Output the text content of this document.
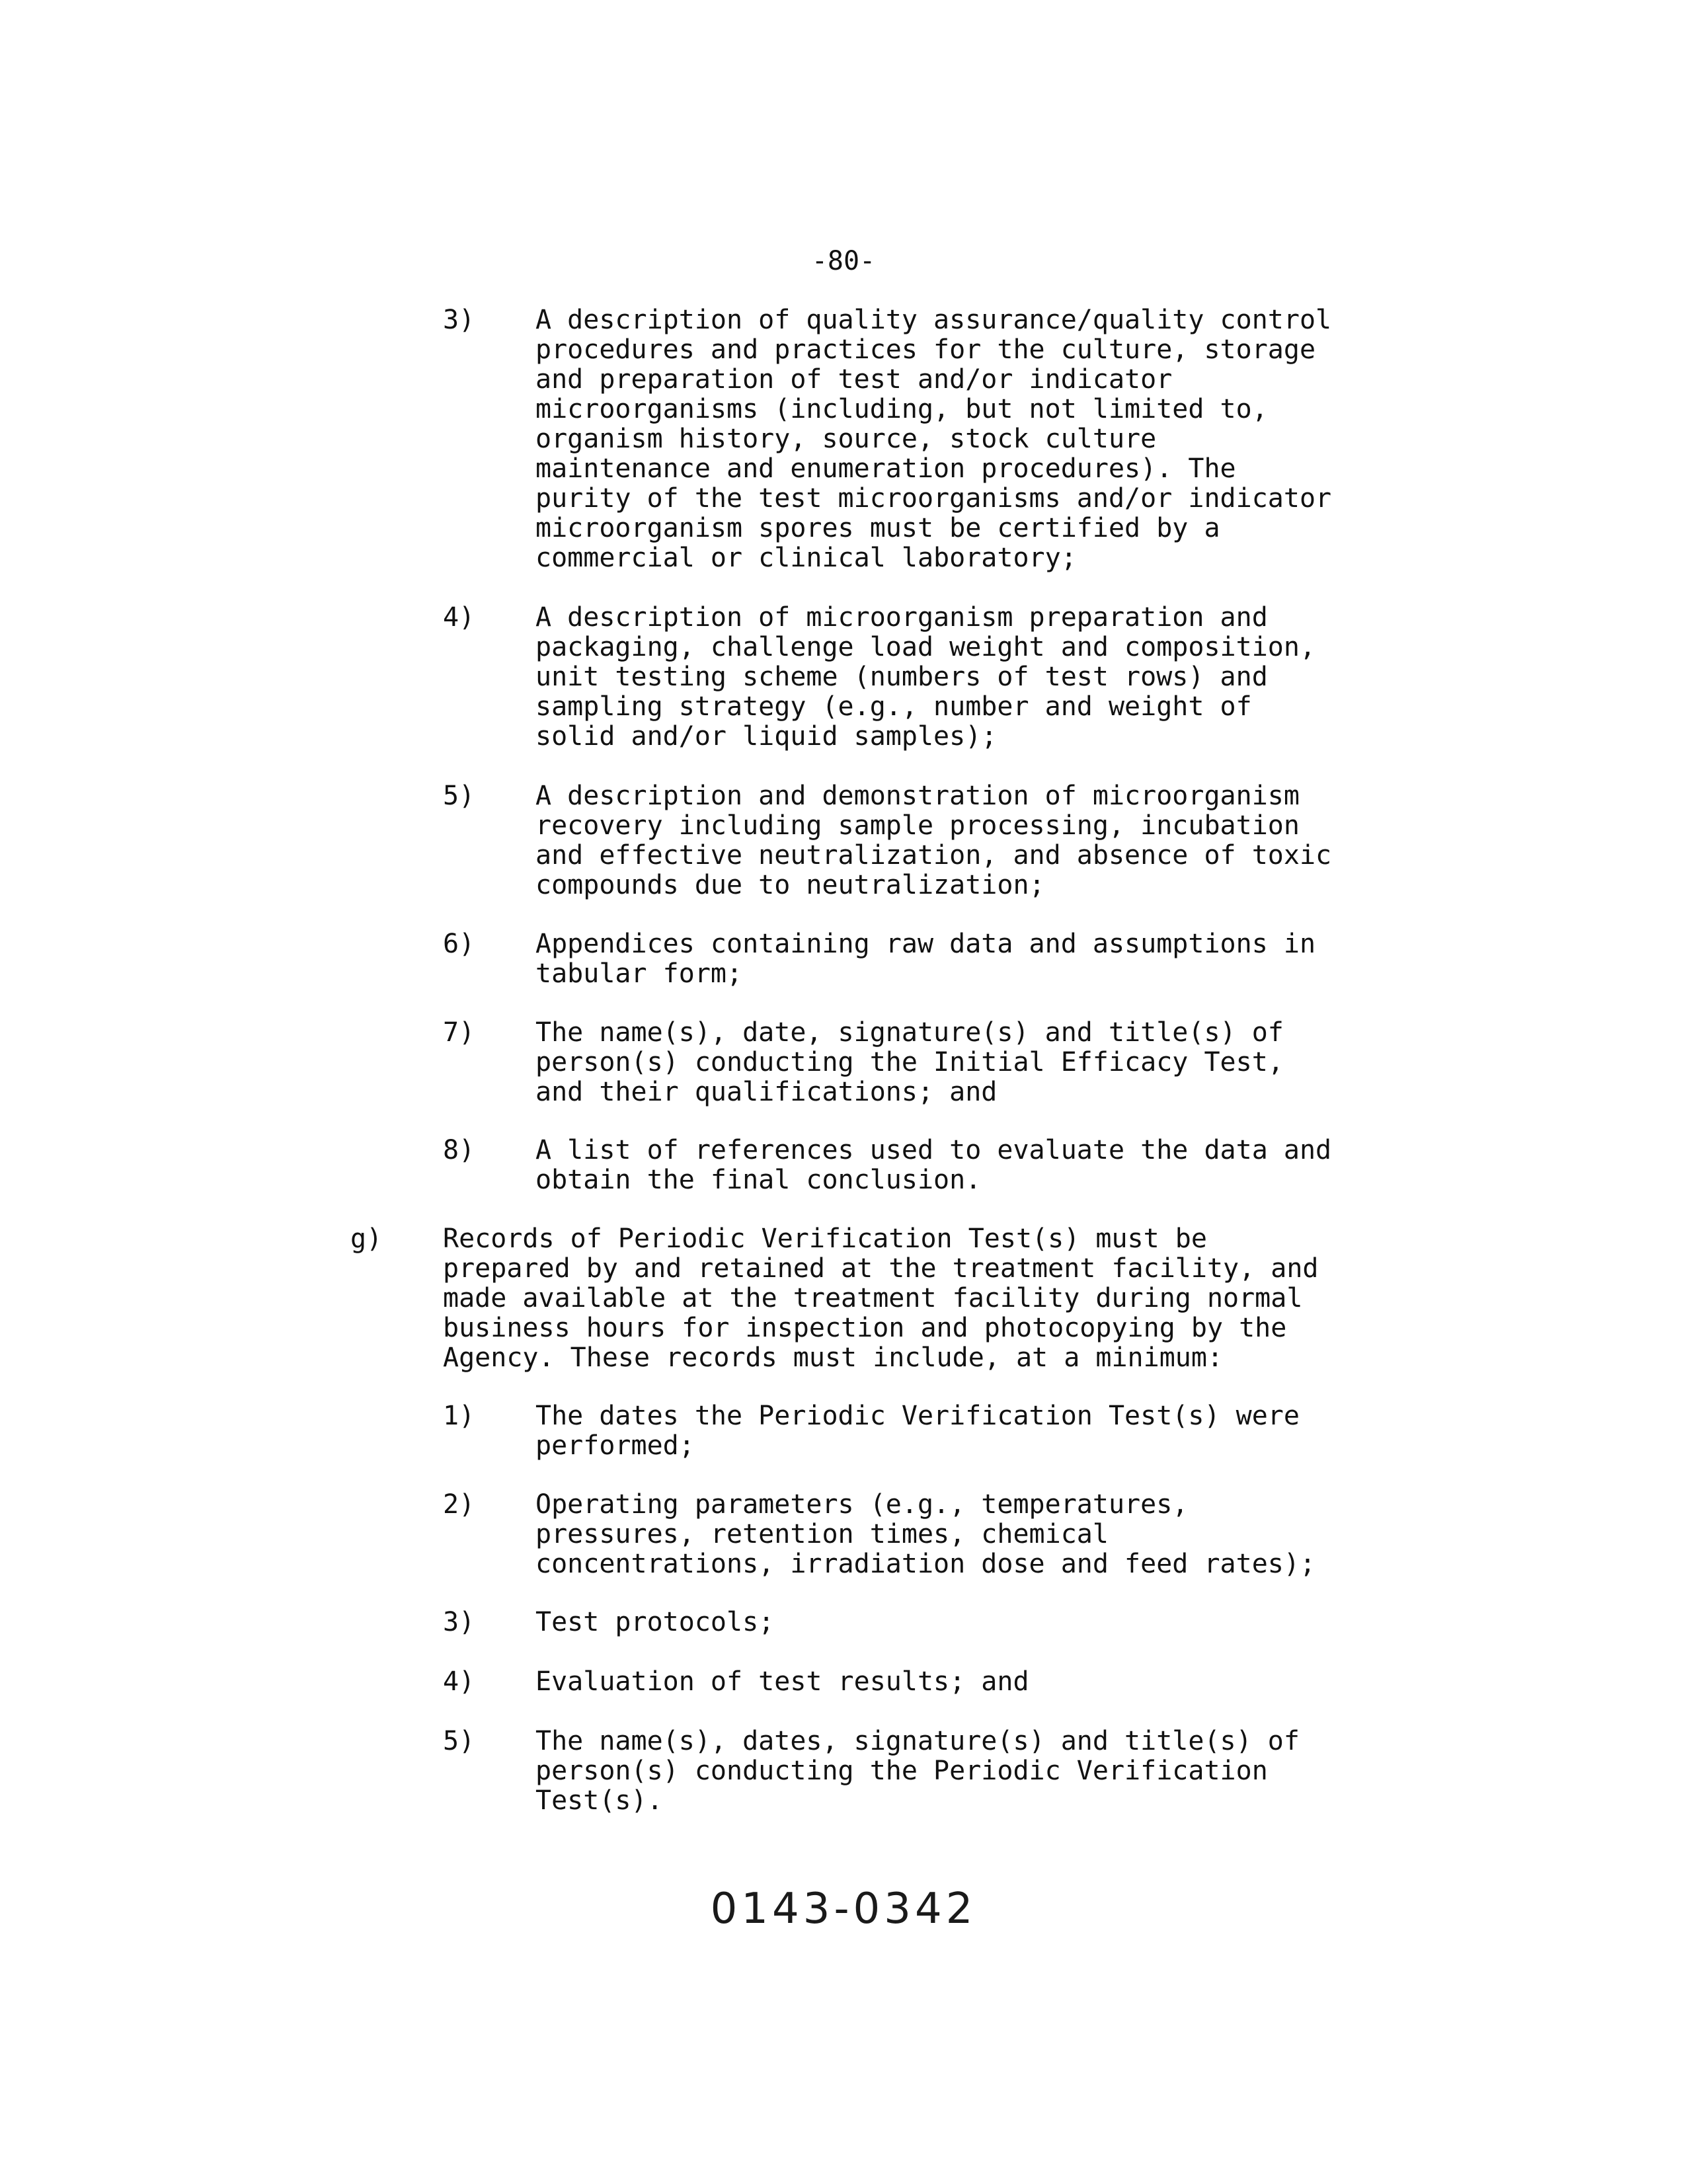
-80-

3)

A description of quality assurance/quality control
procedures and practices for the culture, storage
and preparation of test and/or indicator
microorganisms (including, but not limited to,
organism history, source, stock culture
maintenance and enumeration procedures). The
purity of the test microorganisms and/or indicator
microorganism spores must be certified by a
commercial or clinical laboratory;

4)

A description of microorganism preparation and
packaging, challenge load weight and composition,
unit testing scheme (numbers of test rows) and
sampling strategy (e.g., number and weight of
solid and/or liquid samples);

5)

A description and demonstration of microorganism
recovery including sample processing, incubation
and effective neutralization, and absence of toxic
compounds due to neutralization;

6)

Appendices containing raw data and assumptions in
tabular form;

7)

The name(s), date, signature(s) and title(s) of
person(s) conducting the Initial Efficacy Test,
and their qualifications; and

8)

A list of references used to evaluate the data and
obtain the final conclusion.

g)

Records of Periodic Verification Test(s) must be
prepared by and retained at the treatment facility, and
made available at the treatment facility during normal
business hours for inspection and photocopying by the
Agency. These records must include, at a minimum:

1)

The dates the Periodic Verification Test(s) were
performed;

2)

Operating parameters (e.g., temperatures,
pressures, retention times, chemical
concentrations, irradiation dose and feed rates);

3)

Test protocols;

4)

Evaluation of test results; and

5)

The name(s), dates, signature(s) and title(s) of
person(s) conducting the Periodic Verification
Test(s).

0143-0342
